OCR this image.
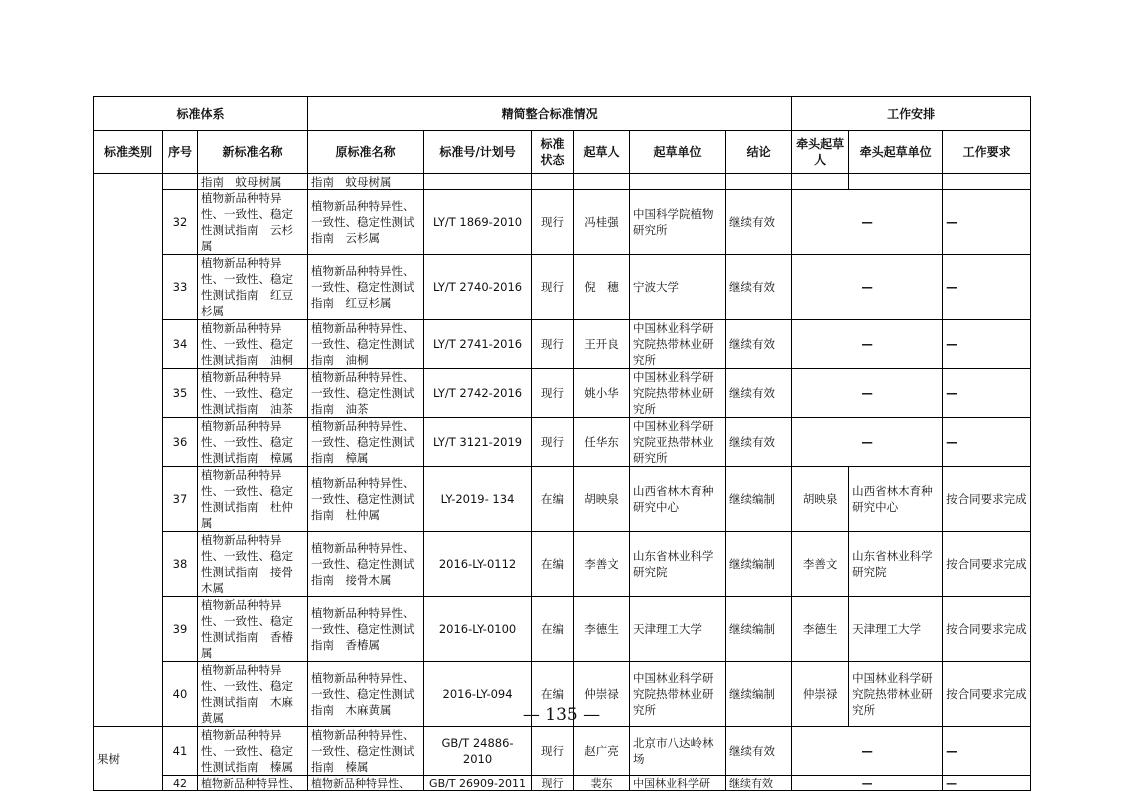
标准体系			精简整合标准情况						工作安排		
标准类别	序号	新标准名称	原标准名称	标准号/计划号	标准状态	起草人	起草单位	结论	牵头起草人	牵头起草单位	工作要求
		指南　蚊母树属	指南　蚊母树属								
	32	植物新品种特异性、一致性、稳定性测试指南　云杉属	植物新品种特异性、一致性、稳定性测试指南　云杉属	LY/T 1869-2010	现行	冯桂强	中国科学院植物研究所	继续有效	—		—
	33	植物新品种特异性、一致性、稳定性测试指南　红豆杉属	植物新品种特异性、一致性、稳定性测试指南　红豆杉属	LY/T 2740-2016	现行	倪　穗	宁波大学	继续有效	—		—
	34	植物新品种特异性、一致性、稳定性测试指南　油桐	植物新品种特异性、一致性、稳定性测试指南　油桐	LY/T 2741-2016	现行	王开良	中国林业科学研究院热带林业研究所	继续有效	—		—
	35	植物新品种特异性、一致性、稳定性测试指南　油茶	植物新品种特异性、一致性、稳定性测试指南　油茶	LY/T 2742-2016	现行	姚小华	中国林业科学研究院热带林业研究所	继续有效	—		—
	36	植物新品种特异性、一致性、稳定性测试指南　樟属	植物新品种特异性、一致性、稳定性测试指南　樟属	LY/T 3121-2019	现行	任华东	中国林业科学研究院亚热带林业研究所	继续有效	—		—
	37	植物新品种特异性、一致性、稳定性测试指南　杜仲属	植物新品种特异性、一致性、稳定性测试指南　杜仲属	LY-2019- 134	在编	胡映泉	山西省林木育种研究中心	继续编制	胡映泉	山西省林木育种研究中心	按合同要求完成
	38	植物新品种特异性、一致性、稳定性测试指南　接骨木属	植物新品种特异性、一致性、稳定性测试指南　接骨木属	2016-LY-0112	在编	李善文	山东省林业科学研究院	继续编制	李善文	山东省林业科学研究院	按合同要求完成
	39	植物新品种特异性、一致性、稳定性测试指南　香椿属	植物新品种特异性、一致性、稳定性测试指南　香椿属	2016-LY-0100	在编	李德生	天津理工大学	继续编制	李德生	天津理工大学	按合同要求完成
	40	植物新品种特异性、一致性、稳定性测试指南　木麻黄属	植物新品种特异性、一致性、稳定性测试指南　木麻黄属	2016-LY-094	在编	仲崇禄	中国林业科学研究院热带林业研究所	继续编制	仲崇禄	中国林业科学研究院热带林业研究所	按合同要求完成
果树	41	植物新品种特异性、一致性、稳定性测试指南　榛属	植物新品种特异性、一致性、稳定性测试指南　榛属	GB/T 24886-2010	现行	赵广亮	北京市八达岭林场	继续有效	—		—
	42	植物新品种特异性、	植物新品种特异性、	GB/T 26909-2011	现行	裴东	中国林业科学研	继续有效	—		—
— 135 —
